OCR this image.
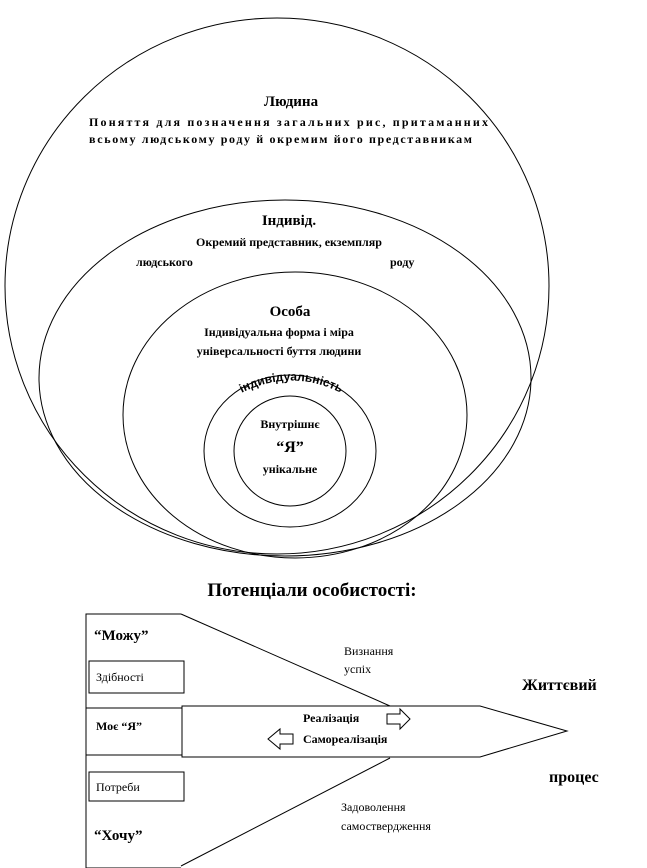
Людина
Поняття для позначення загальних рис, притаманних
всьому людському роду й окремим його представникам
Індивід.
Окремий представник, екземпляр
людського	роду
Особа
Індивідуальна форма і міра
універсальності буття людини
індивідуальність
Внутрішнє
“Я”
унікальне
Потенціали особистості:
“Можу”
Здібності
Моє “Я”
Потреби
“Хочу”
Визнання
успіх
Реалізація
Самореалізація
Задоволення
самоствердження
Життєвий
процес
